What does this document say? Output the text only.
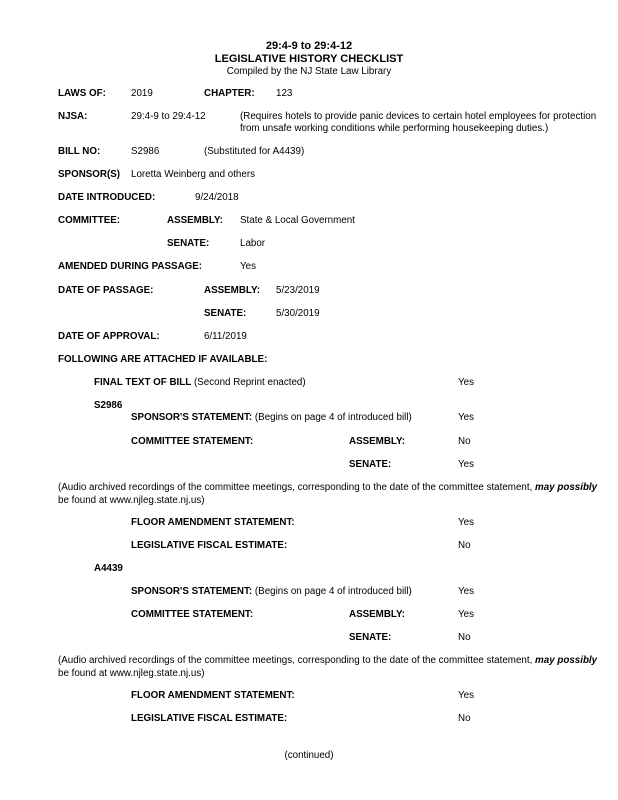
29:4-9 to 29:4-12
LEGISLATIVE HISTORY CHECKLIST
Compiled by the NJ State Law Library
LAWS OF:	2019	CHAPTER: 123
NJSA:	29:4-9 to 29:4-12	(Requires hotels to provide panic devices to certain hotel employees for protection
from unsafe working conditions while performing housekeeping duties.)
BILL NO:	S2986	(Substituted for A4439)
SPONSOR(S) Loretta Weinberg and others
DATE INTRODUCED:	9/24/2018
COMMITTEE:	ASSEMBLY: State & Local Government
SENATE:	Labor
AMENDED DURING PASSAGE:	Yes
DATE OF PASSAGE:	ASSEMBLY: 5/23/2019
SENATE:	5/30/2019
DATE OF APPROVAL:	6/11/2019
FOLLOWING ARE ATTACHED IF AVAILABLE:
FINAL TEXT OF BILL (Second Reprint enacted)	Yes
S2986
SPONSOR'S STATEMENT: (Begins on page 4 of introduced bill)	Yes
COMMITTEE STATEMENT:	ASSEMBLY:	No
SENATE:	Yes
(Audio archived recordings of the committee meetings, corresponding to the date of the committee statement, may possibly be found at www.njleg.state.nj.us)
FLOOR AMENDMENT STATEMENT:	Yes
LEGISLATIVE FISCAL ESTIMATE:	No
A4439
SPONSOR'S STATEMENT: (Begins on page 4 of introduced bill)	Yes
COMMITTEE STATEMENT:	ASSEMBLY:	Yes
SENATE:	No
(Audio archived recordings of the committee meetings, corresponding to the date of the committee statement, may possibly be found at www.njleg.state.nj.us)
FLOOR AMENDMENT STATEMENT:	Yes
LEGISLATIVE FISCAL ESTIMATE:	No
(continued)
